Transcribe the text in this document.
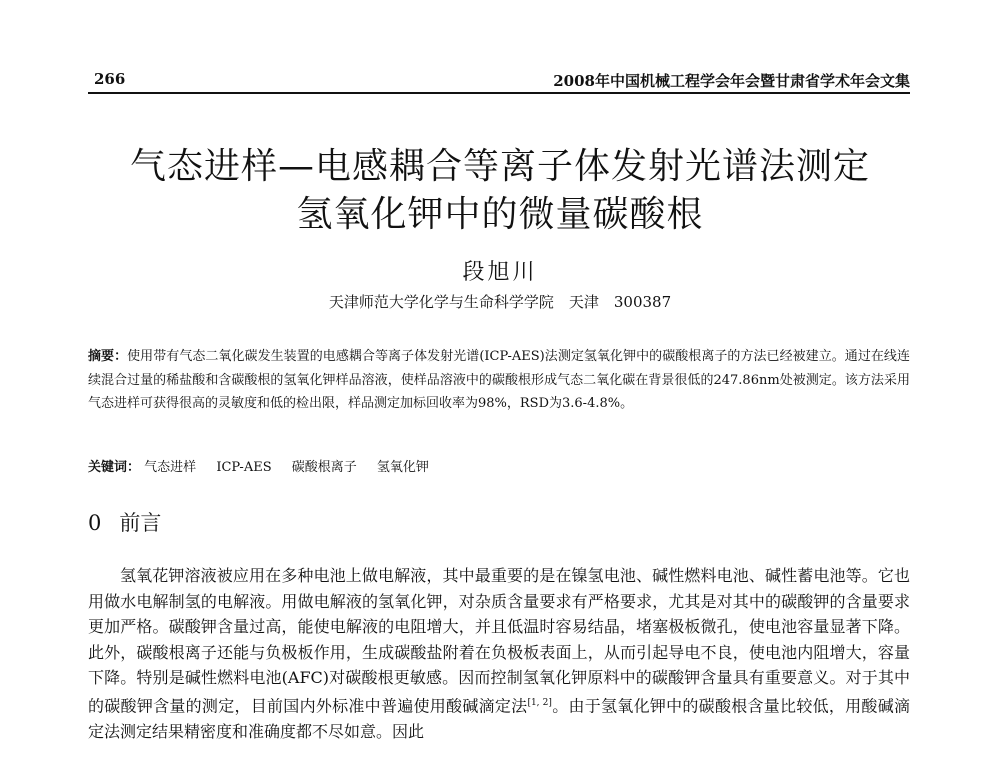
266	2008年中国机械工程学会年会暨甘肃省学术年会文集
气态进样—电感耦合等离子体发射光谱法测定
氢氧化钾中的微量碳酸根
段旭川
天津师范大学化学与生命科学学院　天津　300387
摘要：使用带有气态二氧化碳发生装置的电感耦合等离子体发射光谱(ICP-AES)法测定氢氧化钾中的碳酸根离子的方法已经被建立。通过在线连续混合过量的稀盐酸和含碳酸根的氢氧化钾样品溶液，使样品溶液中的碳酸根形成气态二氧化碳在背景很低的247.86nm处被测定。该方法采用气态进样可获得很高的灵敏度和低的检出限，样品测定加标回收率为98%，RSD为3.6-4.8%。
关键词： 气态进样 ICP-AES 碳酸根离子 氢氧化钾
0 前言
氢氧花钾溶液被应用在多种电池上做电解液，其中最重要的是在镍氢电池、碱性燃料电池、碱性蓄电池等。它也用做水电解制氢的电解液。用做电解液的氢氧化钾，对杂质含量要求有严格要求，尤其是对其中的碳酸钾的含量要求更加严格。碳酸钾含量过高，能使电解液的电阻增大，并且低温时容易结晶，堵塞极板微孔，使电池容量显著下降。此外，碳酸根离子还能与负极板作用，生成碳酸盐附着在负极板表面上，从而引起导电不良，使电池内阻增大，容量下降。特别是碱性燃料电池(AFC)对碳酸根更敏感。因而控制氢氧化钾原料中的碳酸钾含量具有重要意义。对于其中的碳酸钾含量的测定，目前国内外标准中普遍使用酸碱滴定法[1, 2]。由于氢氧化钾中的碳酸根含量比较低，用酸碱滴定法测定结果精密度和准确度都不尽如意。因此
